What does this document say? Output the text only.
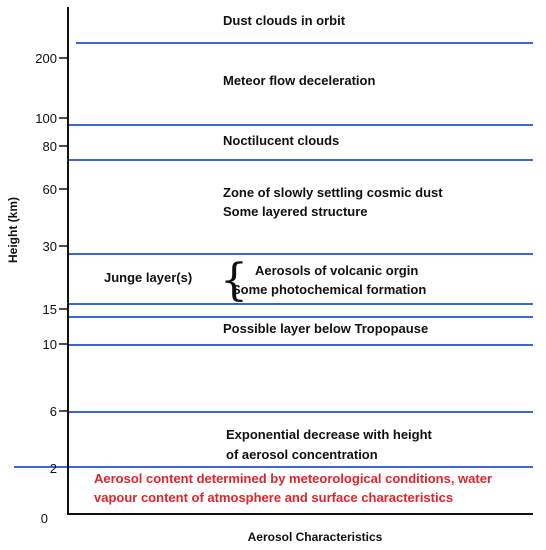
200
100
80
60
30
15
10
6
2
0
Height (km)
Aerosol Characteristics
Dust clouds in orbit
Meteor flow deceleration
Noctilucent clouds
Zone of slowly settling cosmic dust
Some layered structure
Junge layer(s) { Aerosols of volcanic orgin
Some photochemical formation
Possible layer below Tropopause
Exponential decrease with height
of aerosol concentration
Aerosol content determined by meteorological conditions, water
vapour content of atmosphere and surface characteristics
